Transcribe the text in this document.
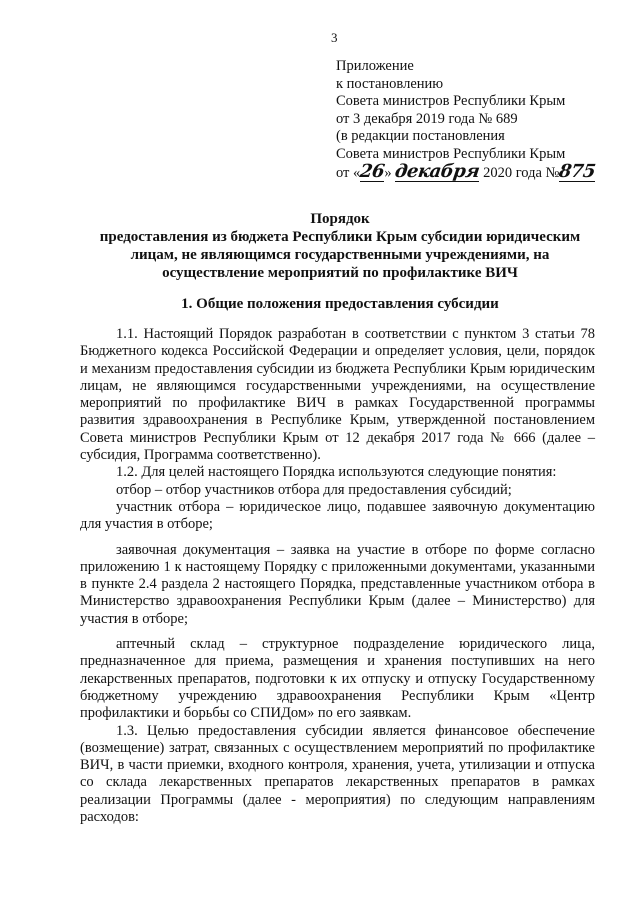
3
Приложение
к постановлению
Совета министров Республики Крым
от 3 декабря 2019 года № 689
(в редакции постановления
Совета министров Республики Крым
от «26» декабря 2020 года №875
Порядок
предоставления из бюджета Республики Крым субсидии юридическим
лицам, не являющимся государственными учреждениями, на
осуществление мероприятий по профилактике ВИЧ
1. Общие положения предоставления субсидии

1.1. Настоящий Порядок разработан в соответствии с пунктом 3 статьи 78 Бюджетного кодекса Российской Федерации и определяет условия, цели, порядок и механизм предоставления субсидии из бюджета Республики Крым юридическим лицам, не являющимся государственными учреждениями, на осуществление мероприятий по профилактике ВИЧ в рамках Государственной программы развития здравоохранения в Республике Крым, утвержденной постановлением Совета министров Республики Крым от 12 декабря 2017 года № 666 (далее – субсидия, Программа соответственно).

1.2. Для целей настоящего Порядка используются следующие понятия:

отбор – отбор участников отбора для предоставления субсидий;

участник отбора – юридическое лицо, подавшее заявочную документацию для участия в отборе;

заявочная документация – заявка на участие в отборе по форме согласно приложению 1 к настоящему Порядку с приложенными документами, указанными в пункте 2.4 раздела 2 настоящего Порядка, представленные участником отбора в Министерство здравоохранения Республики Крым (далее – Министерство) для участия в отборе;

аптечный склад – структурное подразделение юридического лица, предназначенное для приема, размещения и хранения поступивших на него лекарственных препаратов, подготовки к их отпуску и отпуску Государственному бюджетному учреждению здравоохранения Республики Крым «Центр профилактики и борьбы со СПИДом» по его заявкам.

1.3. Целью предоставления субсидии является финансовое обеспечение (возмещение) затрат, связанных с осуществлением мероприятий по профилактике ВИЧ, в части приемки, входного контроля, хранения, учета, утилизации и отпуска со склада лекарственных препаратов лекарственных препаратов в рамках реализации Программы (далее - мероприятия) по следующим направлениям расходов:
